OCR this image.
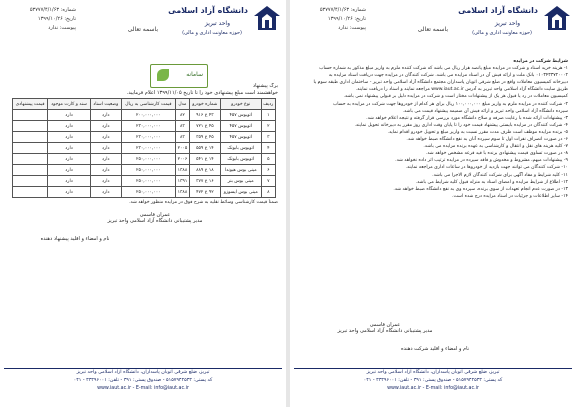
دانشگاه آزاد اسلامی
واحد تبریز
(حوزه معاونت اداری و مالی)
باسمه تعالی
شماره: ۵۳۷۷۷/۴/۱/۶۳
تاریخ: ۱۳۹۹/۱۰/۲۶
پیوست: ندارد
شرایط شرکت در مزایده
۱- هزینه خرید اسناد و شرکت در مزایده مبلغ پانصد هزار ریال می باشد که شرکت کننده ملزم به واریز مبلغ مذکور به شماره حساب
۰۱۰۳۴۳۳۷۲۰۰۰۲ بانک ملت و ارائه فیش آن در اسناد مزایده می باشد. شرکت کنندگان در مزایده جهت دریافت اسناد مزایده به
دبیرخانه کمیسیون معاملات واقع در ضلع شرقی اتوبان پاسداران مجتمع دانشگاه آزاد اسلامی واحد تبریز - ساختمان اداری طبقه سوم یا
طریق سایت دانشگاه آزاد اسلامی واحد تبریز به آدرس www.iaut.ac.ir مراجعه نمایند و اسناد را دریافت نمایند.
کمیسیون معاملات در رد یا قبول هر یک از پیشنهادات مختار است و شرکت در مزایده دلیل بر قبولی پیشنهاد نمی باشد.
۲- شرکت کننده در مزایده ملزم به واریز مبلغ ۱۰۰,۰۰۰,۰۰۰ ریال برای هر کدام از خودروها جهت شرکت در مزایده به حساب
سپرده دانشگاه آزاد اسلامی واحد تبریز و ارائه فیش آن ضمیمه پیشنهاد قیمت می باشد.
۳- پیشنهادات ارائه شده با رعایت صرفه و صلاح دانشگاه مورد بررسی قرار گرفته و نتیجه اعلام خواهد شد.
۴- شرکت کنندگان در مزایده بایستی پیشنهاد قیمت خود را تا پایان وقت اداری روز مقرر به دبیرخانه تحویل نمایند.
۵- برنده مزایده موظف است ظرف مدت مقرر نسبت به واریز مبلغ و تحویل خودرو اقدام نماید.
۶- در صورت انصراف نفرات اول تا سوم سپرده آنان به نفع دانشگاه ضبط خواهد شد.
۷- کلیه هزینه های نقل و انتقال و کارشناسی به عهده برنده مزایده می باشد.
۸- در صورت تساوی قیمت پیشنهادی برنده با قید قرعه مشخص خواهد شد.
۹- پیشنهادات مبهم، مشروط و مخدوش و فاقد سپرده در مزایده ترتیب اثر داده نخواهد شد.
۱۰- شرکت کنندگان می توانند جهت بازدید از خودروها در ساعات اداری مراجعه نمایند.
۱۱- کلیه شرایط و مفاد آگهی برای شرکت کنندگان لازم الاجرا می باشد.
۱۲- اطلاع از شرایط مزایده و امضای اسناد به منزله قبول کلیه شرایط می باشد.
۱۳- در صورت عدم انجام تعهدات از سوی برنده، سپرده وی به نفع دانشگاه ضبط خواهد شد.
۱۴- سایر اطلاعات و جزئیات در اسناد مزایده درج شده است.
عمران قاسمی
مدیر پشتیبانی دانشگاه آزاد اسلامی واحد تبریز
نام و امضاء و اقلید شرکت دهنده
تبریز، ضلع شرقی اتوبان پاسداران، دانشگاه آزاد اسلامی واحد تبریز
کد پستی: ۵۱۵۷۹۴۴۵۳۳ - صندوق پستی: ۳۹۱ - تلفن: ۳۳۳۹۶۰۰۱ - ۰۴۱
www.iaut.ac.ir - E-mail: info@iaut.ac.ir
دانشگاه آزاد اسلامی
واحد تبریز
(حوزه معاونت اداری و مالی)
باسمه تعالی
شماره: ۵۳۷۷۷/۴/۱/۶۳
تاریخ: ۱۳۹۹/۱۰/۲۶
پیوست: ندارد
سامانه
برگ پیشنهاد
خواهشمند است مبلغ پیشنهادی خود را تا تاریخ ۱۳۹۹/۱۱/۰۵ اعلام فرمایید.
ردیف	نوع خودرو	شماره خودرو	مدل	قیمت کارشناسی به ریال	وضعیت اسناد	سند و کارت موجود	قیمت پیشنهادی
۱	اتوبوس ۴۵۷	۴۳ ع ۹۱۶	۸۲	۲۰۰,۰۰۰,۰۰۰	دارد	دارد	
۲	اتوبوس ۴۵۷	۴۵ ع ۷۲۱	۸۳	۲۳۰,۰۰۰,۰۰۰	دارد	دارد	
۳	اتوبوس ۴۵۷	۴۵ ع ۳۵۹	۸۳	۲۳۰,۰۰۰,۰۰۰	دارد	دارد	
۴	اتوبوس بابونک	۱۴ ع ۵۵۹	۲۰۰۵	۲۳۰,۰۰۰,۰۰۰	دارد	دارد	
۵	اتوبوس بابونک	۱۴ ع ۵۴۱	۲۰۰۶	۲۵۰,۰۰۰,۰۰۰	دارد	دارد	
۶	مینی بوس هیوندا	۱۸ ع ۸۸۹	۱۳۸۸	۲۵۰,۰۰۰,۰۰۰	دارد	دارد	
۷	مینی بوس بنز	۱۶ ع ۳۷۷	۱۳۹۱	۲۵۰,۰۰۰,۰۰۰	دارد	دارد	
۸	مینی بوس ایسوزو	۹۲ ع ۴۷۲	۱۳۸۸	۲۵۰,۰۰۰,۰۰۰	دارد	دارد	
ضمناً قیمت کارشناسی وسائط نقلیه به شرح فوق در مزایده منظور خواهد شد.
عمران قاسمی
مدیر پشتیبانی دانشگاه آزاد اسلامی واحد تبریز
نام و امضاء و اقلید پیشنهاد دهنده
تبریز، ضلع شرقی اتوبان پاسداران، دانشگاه آزاد اسلامی واحد تبریز
کد پستی: ۵۱۵۷۹۴۴۵۳۳ - صندوق پستی: ۳۹۱ - تلفن: ۳۳۳۹۶۰۰۱ - ۰۴۱
www.iaut.ac.ir - E-mail: info@iaut.ac.ir
